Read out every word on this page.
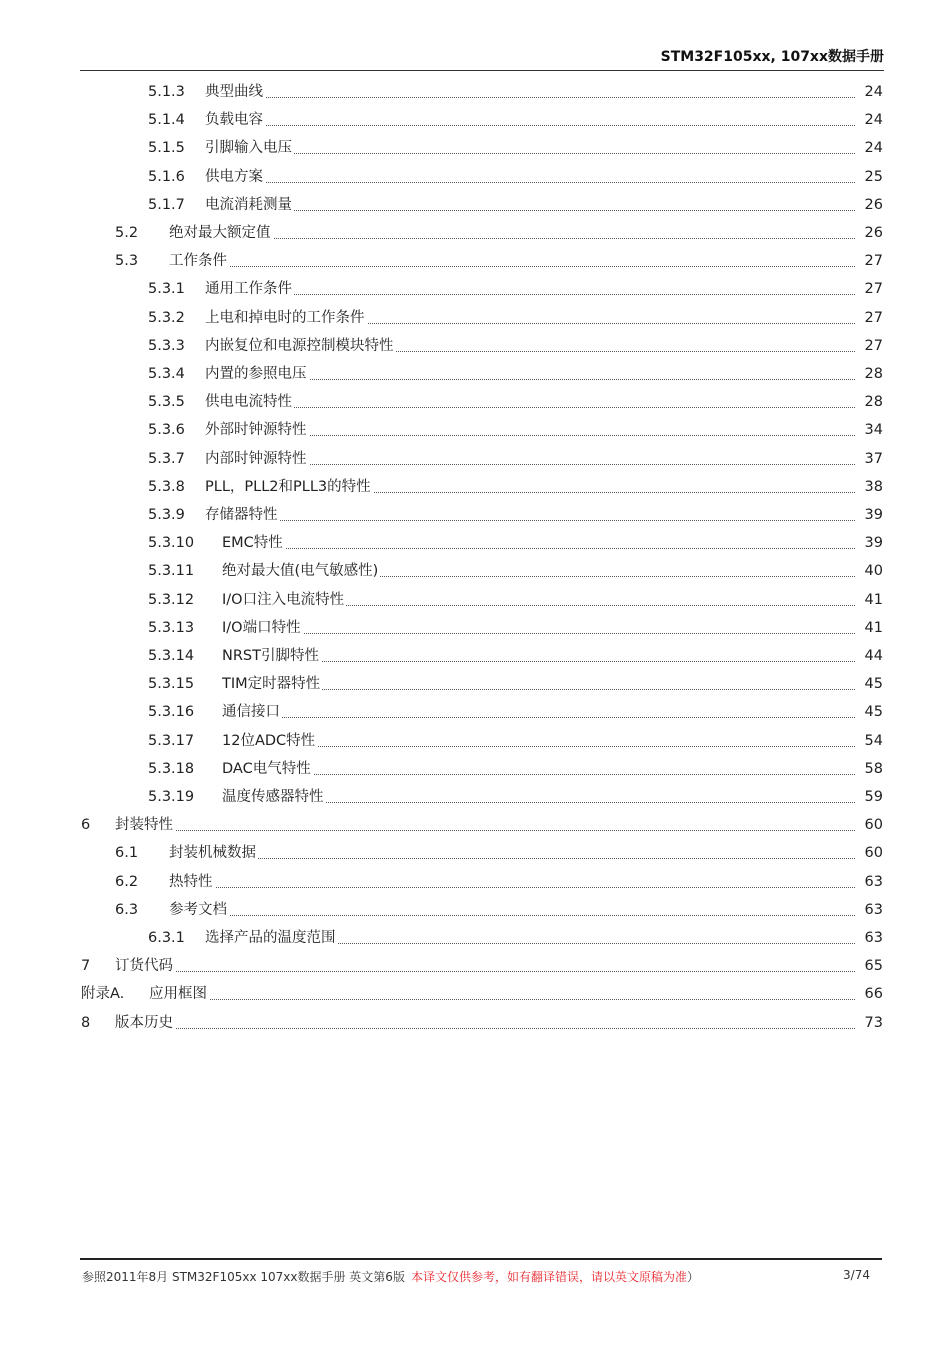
STM32F105xx, 107xx数据手册
5.1.3 典型曲线	24
5.1.4 负载电容	24
5.1.5 引脚输入电压	24
5.1.6 供电方案	25
5.1.7 电流消耗测量	26
5.2 绝对最大额定值	26
5.3 工作条件	27
5.3.1 通用工作条件	27
5.3.2 上电和掉电时的工作条件	27
5.3.3 内嵌复位和电源控制模块特性	27
5.3.4 内置的参照电压	28
5.3.5 供电电流特性	28
5.3.6 外部时钟源特性	34
5.3.7 内部时钟源特性	37
5.3.8 PLL，PLL2和PLL3的特性	38
5.3.9 存储器特性	39
5.3.10 EMC特性	39
5.3.11 绝对最大值(电气敏感性)	40
5.3.12 I/O口注入电流特性	41
5.3.13 I/O端口特性	41
5.3.14 NRST引脚特性	44
5.3.15 TIM定时器特性	45
5.3.16 通信接口	45
5.3.17 12位ADC特性	54
5.3.18 DAC电气特性	58
5.3.19 温度传感器特性	59
6 封装特性	60
6.1 封装机械数据	60
6.2 热特性	63
6.3 参考文档	63
6.3.1 选择产品的温度范围	63
7 订货代码	65
附录A. 应用框图	66
8 版本历史	73
参照2011年8月 STM32F105xx 107xx数据手册 英文第6版 本译文仅供参考，如有翻译错误，请以英文原稿为准）	3/74
